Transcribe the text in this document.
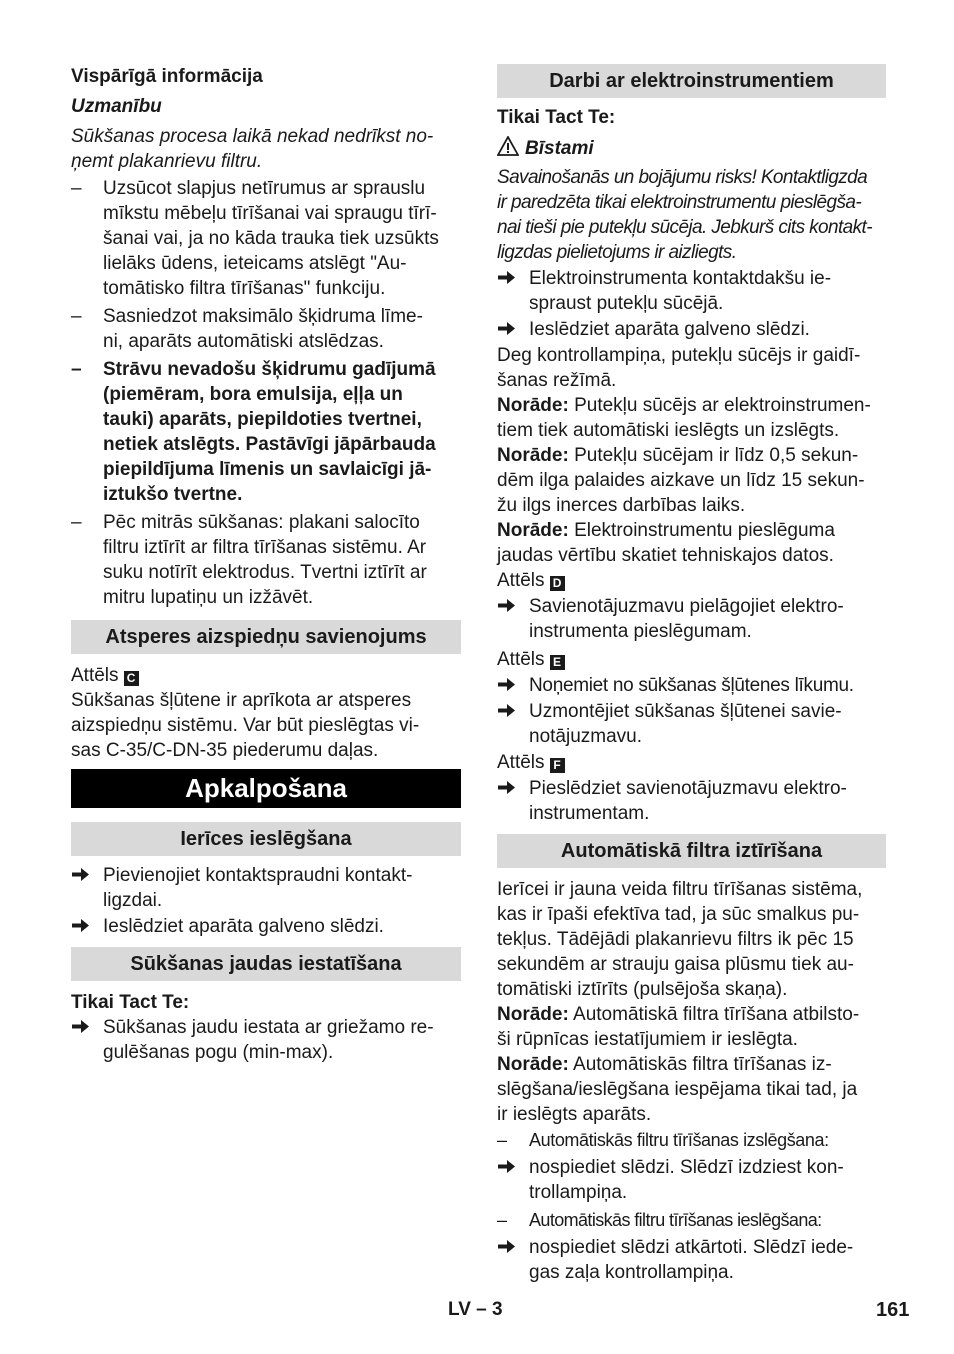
Vispārīgā informācija

Uzmanību

Sūkšanas procesa laikā nekad nedrīkst no-
ņemt plakanrievu filtru.

–	Uzsūcot slapjus netīrumus ar sprauslu
mīkstu mēbeļu tīrīšanai vai spraugu tīrī-
šanai vai, ja no kāda trauka tiek uzsūkts
lielāks ūdens, ieteicams atslēgt "Au-
tomātisko filtra tīrīšanas" funkciju.
–	Sasniedzot maksimālo šķidruma līme-
ni, aparāts automātiski atslēdzas.
–	Strāvu nevadošu šķidrumu gadījumā
(piemēram, bora emulsija, eļļa un
tauki) aparāts, piepildoties tvertnei,
netiek atslēgts. Pastāvīgi jāpārbauda
piepildījuma līmenis un savlaicīgi jā-
iztukšo tvertne.
–	Pēc mitrās sūkšanas: plakani salocīto
filtru iztīrīt ar filtra tīrīšanas sistēmu. Ar
suku notīrīt elektrodus. Tvertni iztīrīt ar
mitru lupatiņu un izžāvēt.
Atsperes aizspiedņu savienojums

Attēls C

Sūkšanas šļūtene ir aprīkota ar atsperes
aizspiedņu sistēmu. Var būt pieslēgtas vi-
sas C-35/C-DN-35 piederumu daļas.

Apkalpošana
Ierīces ieslēgšana
Pievienojiet kontaktspraudni kontakt-
ligzdai.
Ieslēdziet aparāta galveno slēdzi.
Sūkšanas jaudas iestatīšana

Tikai Tact Te:

Sūkšanas jaudu iestata ar griežamo re-
gulēšanas pogu (min-max).
Darbi ar elektroinstrumentiem

Tikai Tact Te:

Bīstami

Savainošanās un bojājumu risks! Kontaktligzda
ir paredzēta tikai elektroinstrumentu pieslēgša-
nai tieši pie putekļu sūcēja. Jebkurš cits kontakt-
ligzdas pielietojums ir aizliegts.
Elektroinstrumenta kontaktdakšu ie-
spraust putekļu sūcējā.
Ieslēdziet aparāta galveno slēdzi.

Deg kontrollampiņa, putekļu sūcējs ir gaidī-
šanas režīmā.

Norāde: Putekļu sūcējs ar elektroinstrumen-
tiem tiek automātiski ieslēgts un izslēgts.

Norāde: Putekļu sūcējam ir līdz 0,5 sekun-
dēm ilga palaides aizkave un līdz 15 sekun-
žu ilgs inerces darbības laiks.

Norāde: Elektroinstrumentu pieslēguma
jaudas vērtību skatiet tehniskajos datos.

Attēls D

Savienotājuzmavu pielāgojiet elektro-
instrumenta pieslēgumam.

Attēls E

Noņemiet no sūkšanas šļūtenes līkumu.
Uzmontējiet sūkšanas šļūtenei savie-
notājuzmavu.

Attēls F

Pieslēdziet savienotājuzmavu elektro-
instrumentam.
Automātiskā filtra iztīrīšana

Ierīcei ir jauna veida filtru tīrīšanas sistēma,
kas ir īpaši efektīva tad, ja sūc smalkus pu-
tekļus. Tādējādi plakanrievu filtrs ik pēc 15
sekundēm ar strauju gaisa plūsmu tiek au-
tomātiski iztīrīts (pulsējoša skaņa).

Norāde: Automātiskā filtra tīrīšana atbilsto-
ši rūpnīcas iestatījumiem ir ieslēgta.

Norāde: Automātiskās filtra tīrīšanas iz-
slēgšana/ieslēgšana iespējama tikai tad, ja
ir ieslēgts aparāts.

–	Automātiskās filtru tīrīšanas izslēgšana:
nospiediet slēdzi. Slēdzī izdziest kon-
trollampiņa.
–	Automātiskās filtru tīrīšanas ieslēgšana:
nospiediet slēdzi atkārtoti. Slēdzī iede-
gas zaļa kontrollampiņa.
LV – 3	161
